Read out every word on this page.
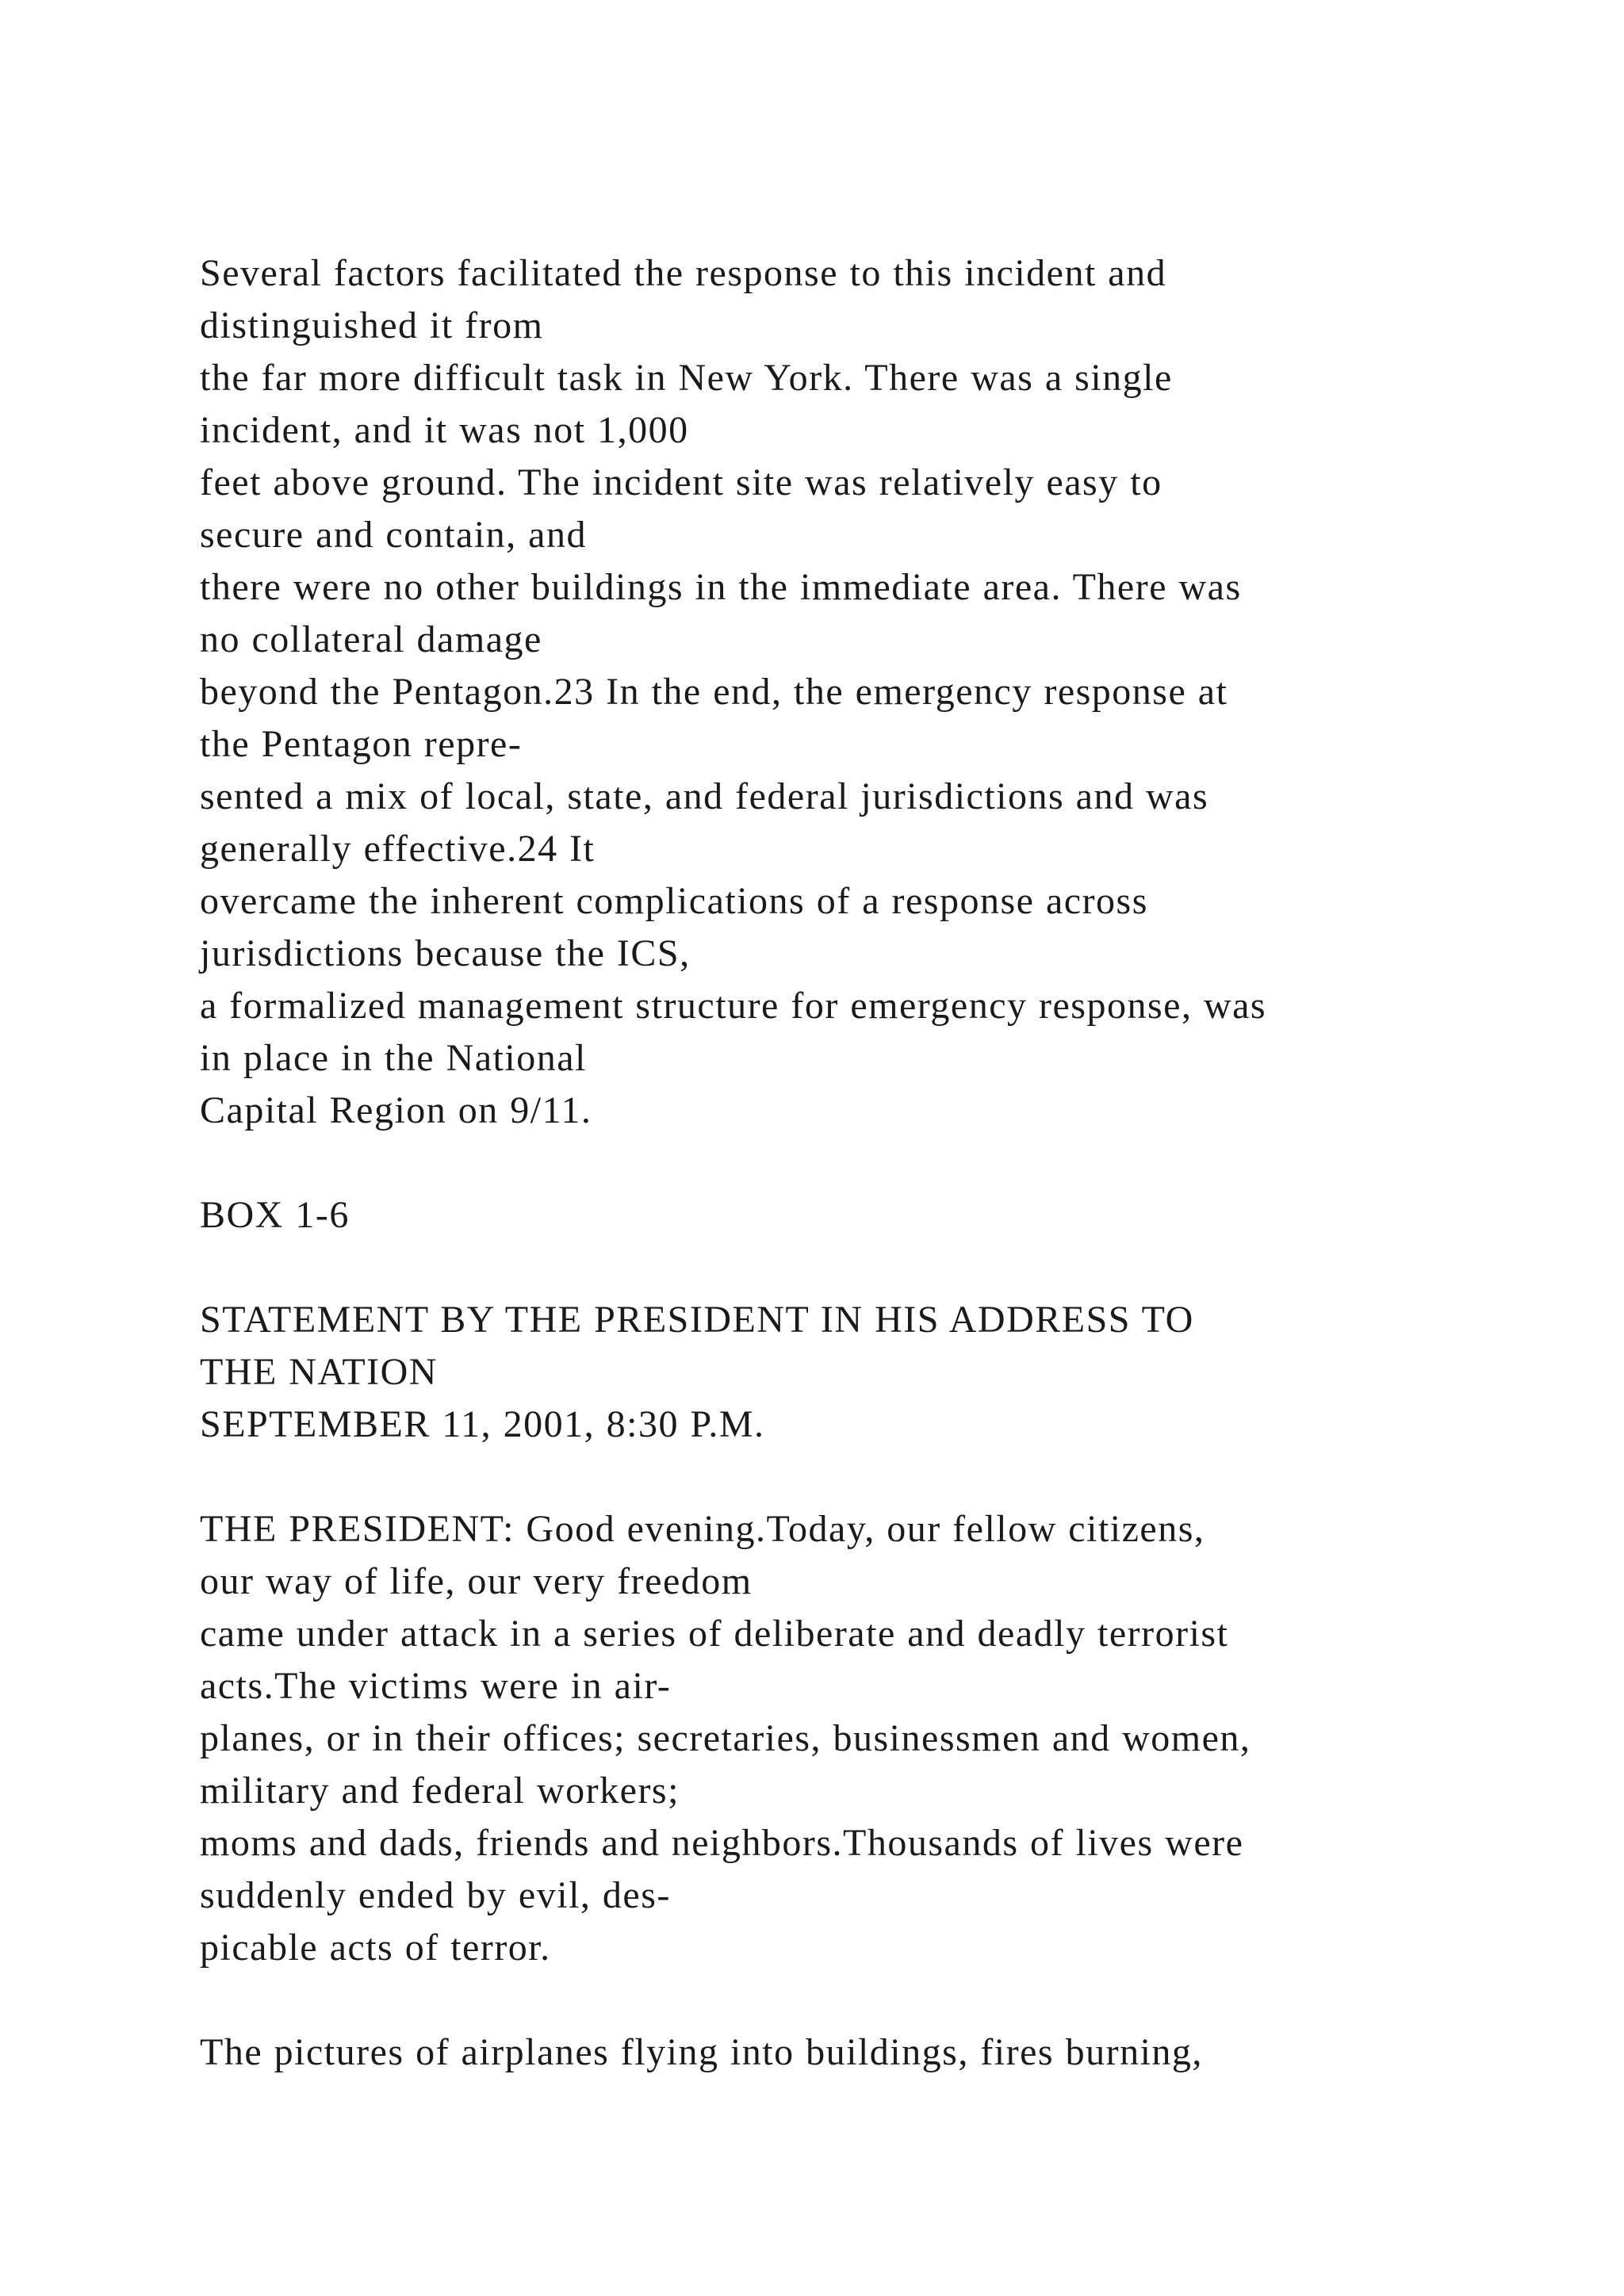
Several factors facilitated the response to this incident and
distinguished it from
the far more difficult task in New York. There was a single
incident, and it was not 1,000
feet above ground. The incident site was relatively easy to
secure and contain, and
there were no other buildings in the immediate area. There was
no collateral damage
beyond the Pentagon.23 In the end, the emergency response at
the Pentagon repre-
sented a mix of local, state, and federal jurisdictions and was
generally effective.24 It
overcame the inherent complications of a response across
jurisdictions because the ICS,
a formalized management structure for emergency response, was
in place in the National
Capital Region on 9/11.
BOX 1-6
STATEMENT BY THE PRESIDENT IN HIS ADDRESS TO
THE NATION
SEPTEMBER 11, 2001, 8:30 P.M.
THE PRESIDENT: Good evening.Today, our fellow citizens,
our way of life, our very freedom
came under attack in a series of deliberate and deadly terrorist
acts.The victims were in air-
planes, or in their offices; secretaries, businessmen and women,
military and federal workers;
moms and dads, friends and neighbors.Thousands of lives were
suddenly ended by evil, des-
picable acts of terror.
The pictures of airplanes flying into buildings, fires burning,
